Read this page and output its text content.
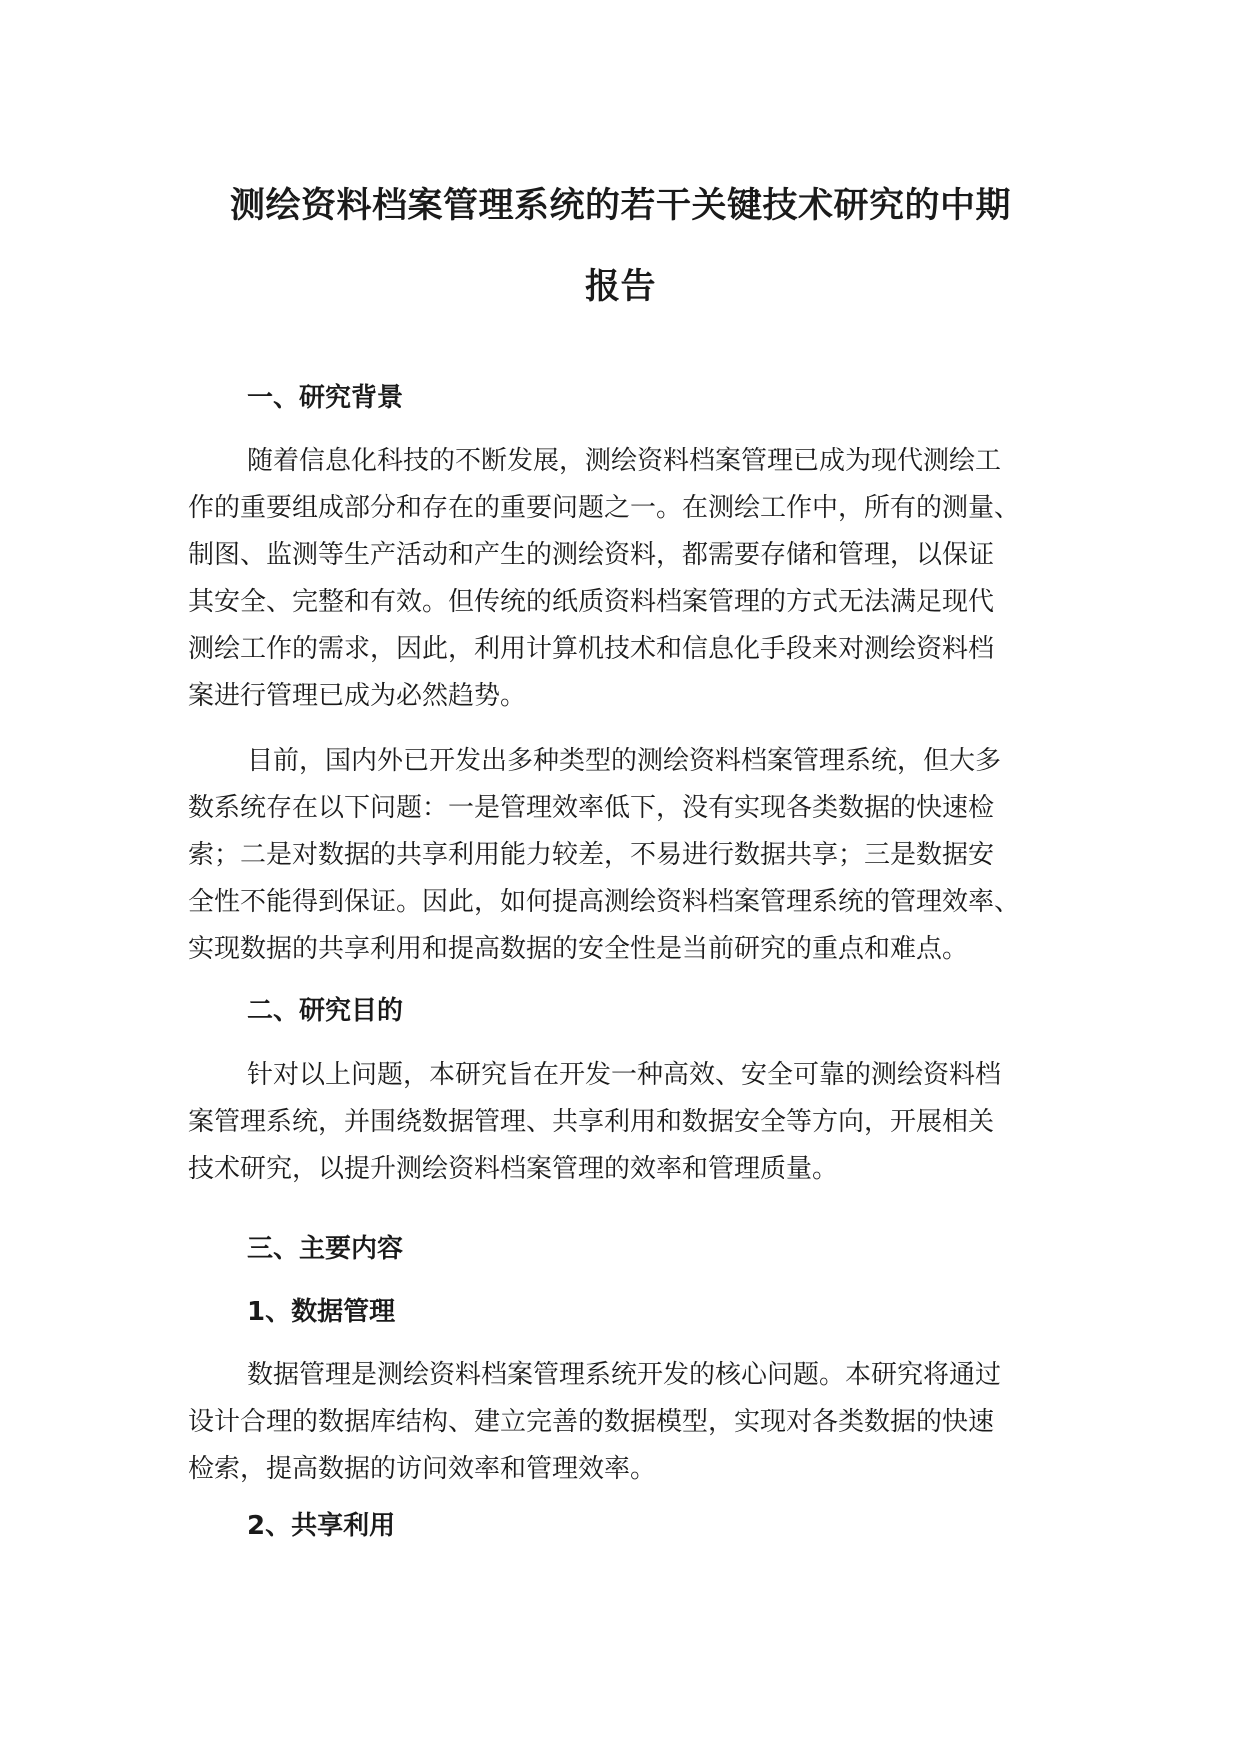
测绘资料档案管理系统的若干关键技术研究的中期
报告
一、研究背景
随着信息化科技的不断发展，测绘资料档案管理已成为现代测绘工
作的重要组成部分和存在的重要问题之一。在测绘工作中，所有的测量、
制图、监测等生产活动和产生的测绘资料，都需要存储和管理，以保证
其安全、完整和有效。但传统的纸质资料档案管理的方式无法满足现代
测绘工作的需求，因此，利用计算机技术和信息化手段来对测绘资料档
案进行管理已成为必然趋势。
目前，国内外已开发出多种类型的测绘资料档案管理系统，但大多
数系统存在以下问题：一是管理效率低下，没有实现各类数据的快速检
索；二是对数据的共享利用能力较差，不易进行数据共享；三是数据安
全性不能得到保证。因此，如何提高测绘资料档案管理系统的管理效率、
实现数据的共享利用和提高数据的安全性是当前研究的重点和难点。
二、研究目的
针对以上问题，本研究旨在开发一种高效、安全可靠的测绘资料档
案管理系统，并围绕数据管理、共享利用和数据安全等方向，开展相关
技术研究，以提升测绘资料档案管理的效率和管理质量。
三、主要内容
1、数据管理
数据管理是测绘资料档案管理系统开发的核心问题。本研究将通过
设计合理的数据库结构、建立完善的数据模型，实现对各类数据的快速
检索，提高数据的访问效率和管理效率。
2、共享利用
